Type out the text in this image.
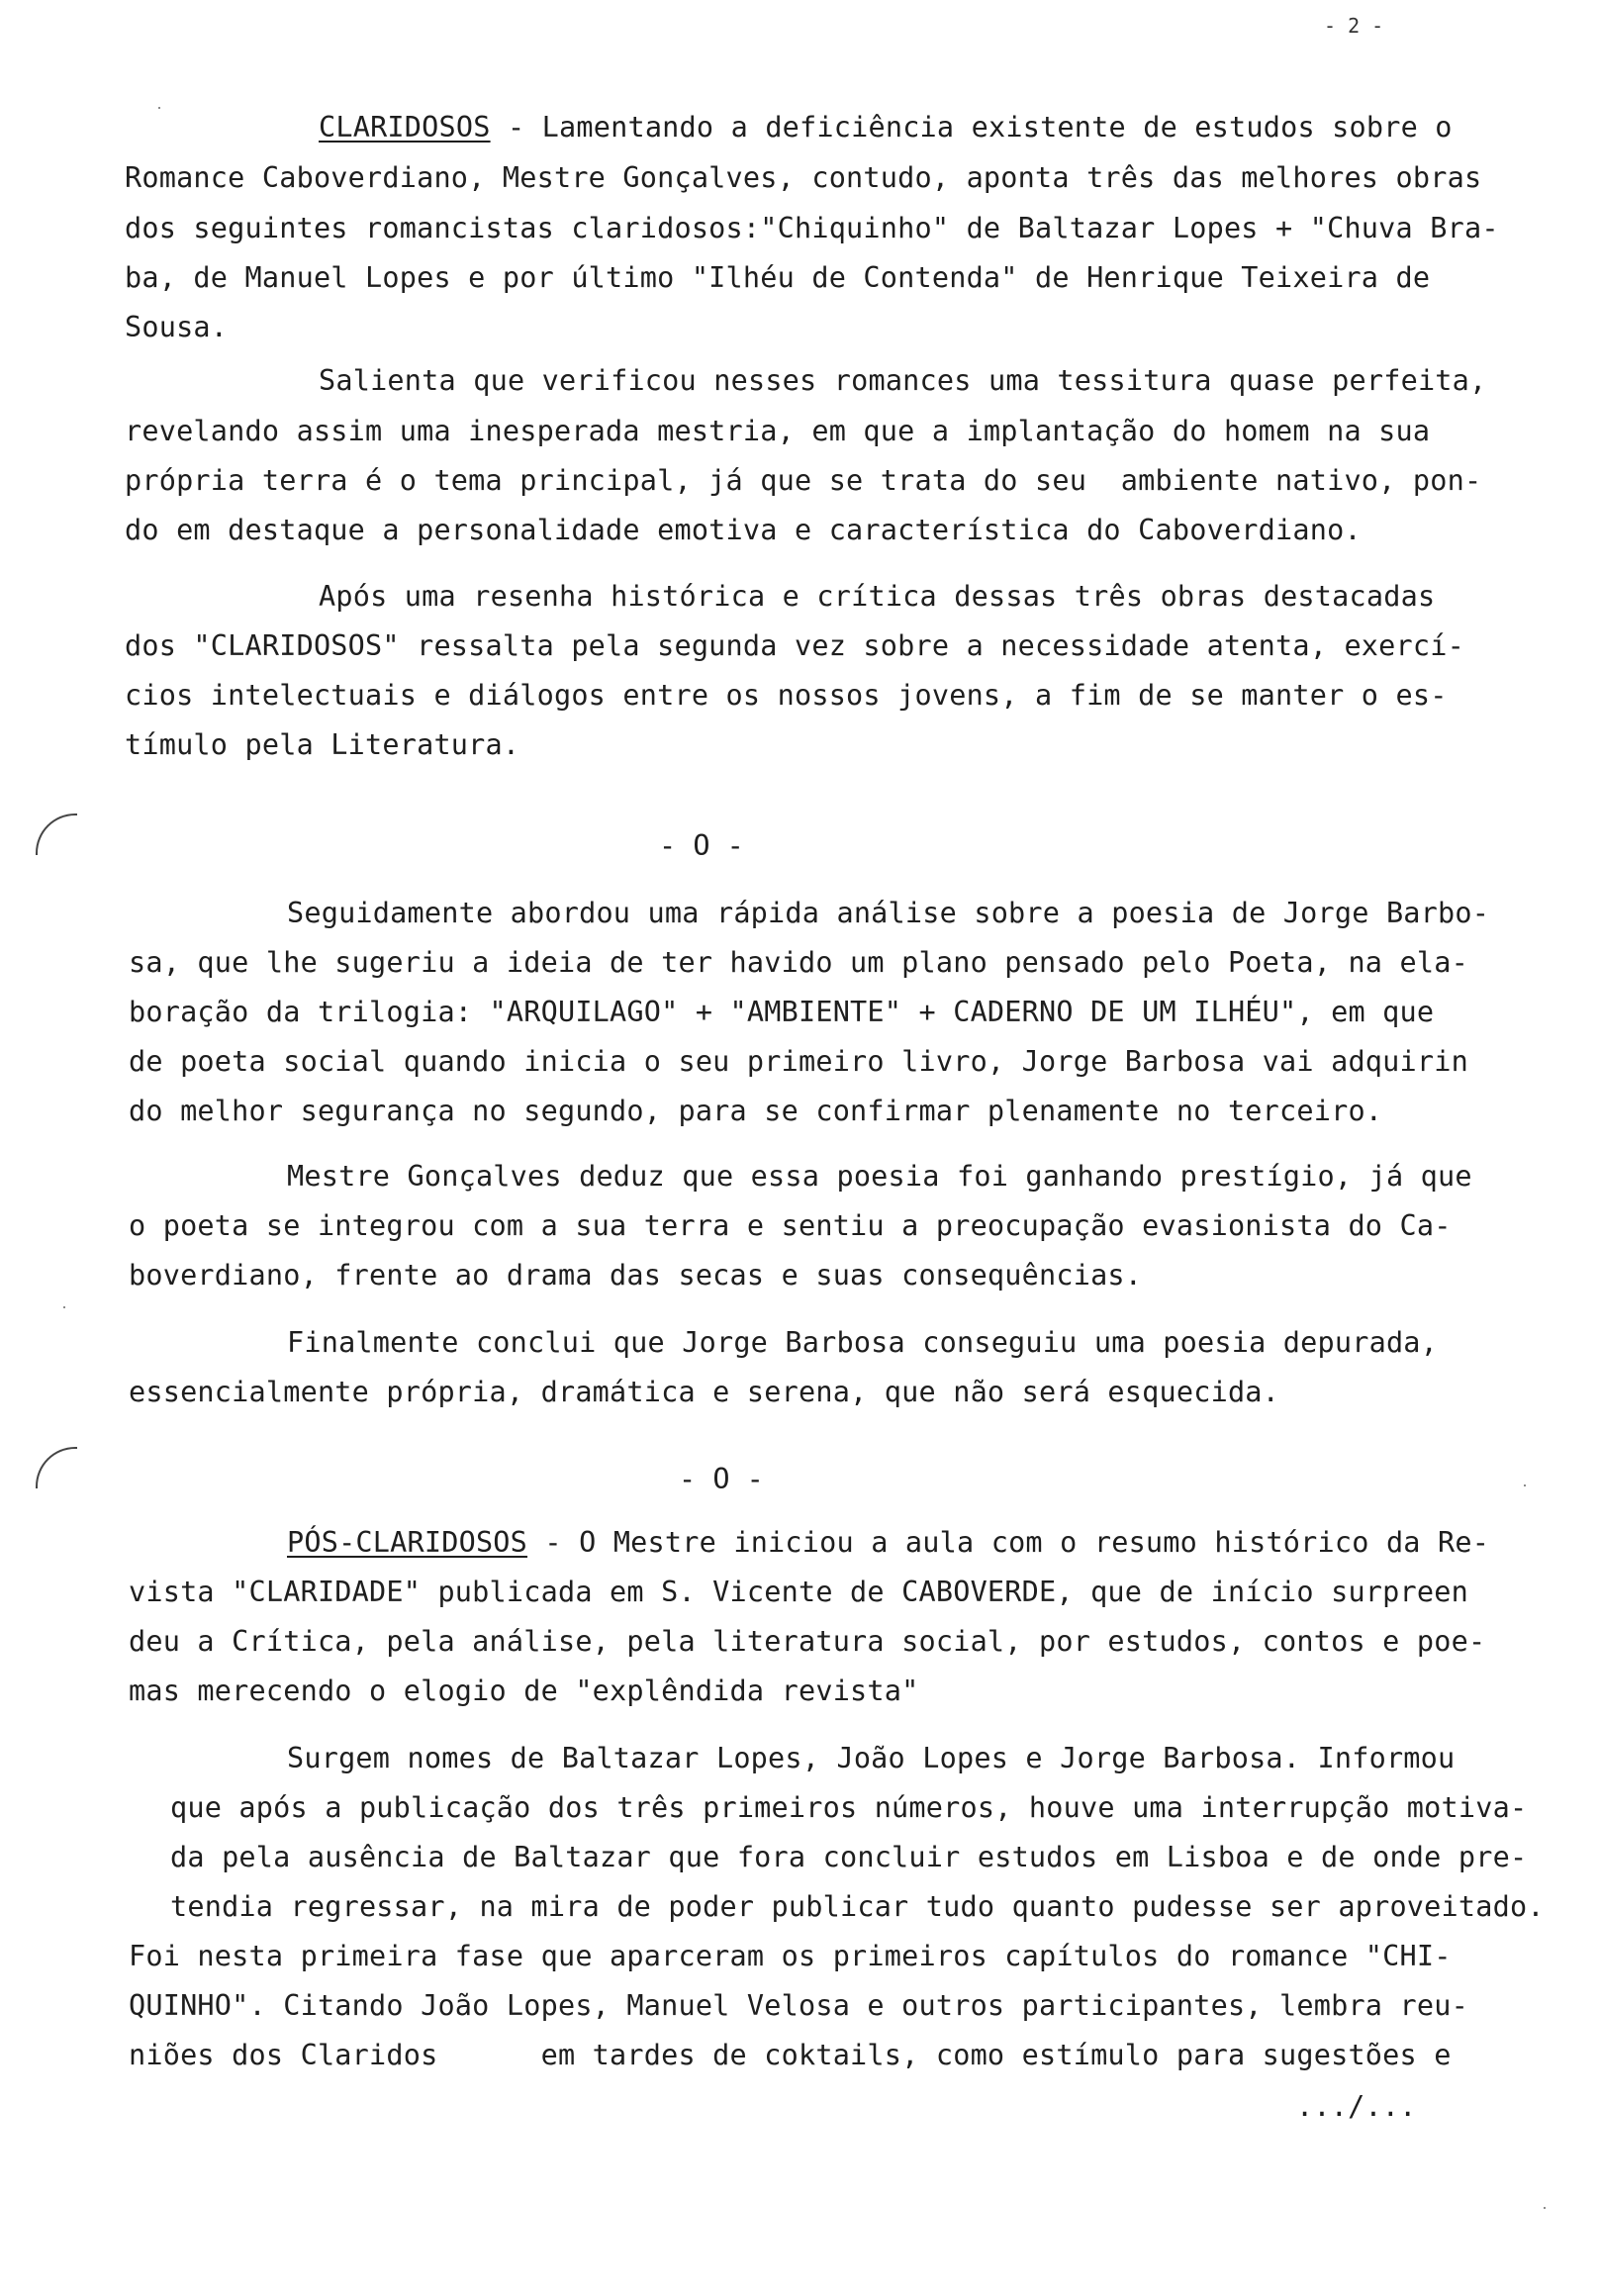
- 2 -
CLARIDOSOS - Lamentando a deficiência existente de estudos sobre o
Romance Caboverdiano, Mestre Gonçalves, contudo, aponta três das melhores obras
dos seguintes romancistas claridosos:"Chiquinho" de Baltazar Lopes + "Chuva Bra-
ba, de Manuel Lopes e por último "Ilhéu de Contenda" de Henrique Teixeira de
Sousa.
Salienta que verificou nesses romances uma tessitura quase perfeita,
revelando assim uma inesperada mestria, em que a implantação do homem na sua
própria terra é o tema principal, já que se trata do seu  ambiente nativo, pon-
do em destaque a personalidade emotiva e característica do Caboverdiano.
Após uma resenha histórica e crítica dessas três obras destacadas
dos "CLARIDOSOS" ressalta pela segunda vez sobre a necessidade atenta, exercí-
cios intelectuais e diálogos entre os nossos jovens, a fim de se manter o es-
tímulo pela Literatura.
- O -
Seguidamente abordou uma rápida análise sobre a poesia de Jorge Barbo-
sa, que lhe sugeriu a ideia de ter havido um plano pensado pelo Poeta, na ela-
boração da trilogia: "ARQUILAGO" + "AMBIENTE" + CADERNO DE UM ILHÉU", em que
de poeta social quando inicia o seu primeiro livro, Jorge Barbosa vai adquirin
do melhor segurança no segundo, para se confirmar plenamente no terceiro.
Mestre Gonçalves deduz que essa poesia foi ganhando prestígio, já que
o poeta se integrou com a sua terra e sentiu a preocupação evasionista do Ca-
boverdiano, frente ao drama das secas e suas consequências.
Finalmente conclui que Jorge Barbosa conseguiu uma poesia depurada,
essencialmente própria, dramática e serena, que não será esquecida.
- O -
PÓS-CLARIDOSOS - O Mestre iniciou a aula com o resumo histórico da Re-
vista "CLARIDADE" publicada em S. Vicente de CABOVERDE, que de início surpreen
deu a Crítica, pela análise, pela literatura social, por estudos, contos e poe-
mas merecendo o elogio de "explêndida revista"
Surgem nomes de Baltazar Lopes, João Lopes e Jorge Barbosa. Informou
que após a publicação dos três primeiros números, houve uma interrupção motiva-
da pela ausência de Baltazar que fora concluir estudos em Lisboa e de onde pre-
tendia regressar, na mira de poder publicar tudo quanto pudesse ser aproveitado.
Foi nesta primeira fase que aparceram os primeiros capítulos do romance "CHI-
QUINHO". Citando João Lopes, Manuel Velosa e outros participantes, lembra reu-
niões dos Claridos      em tardes de coktails, como estímulo para sugestões e
.../...
